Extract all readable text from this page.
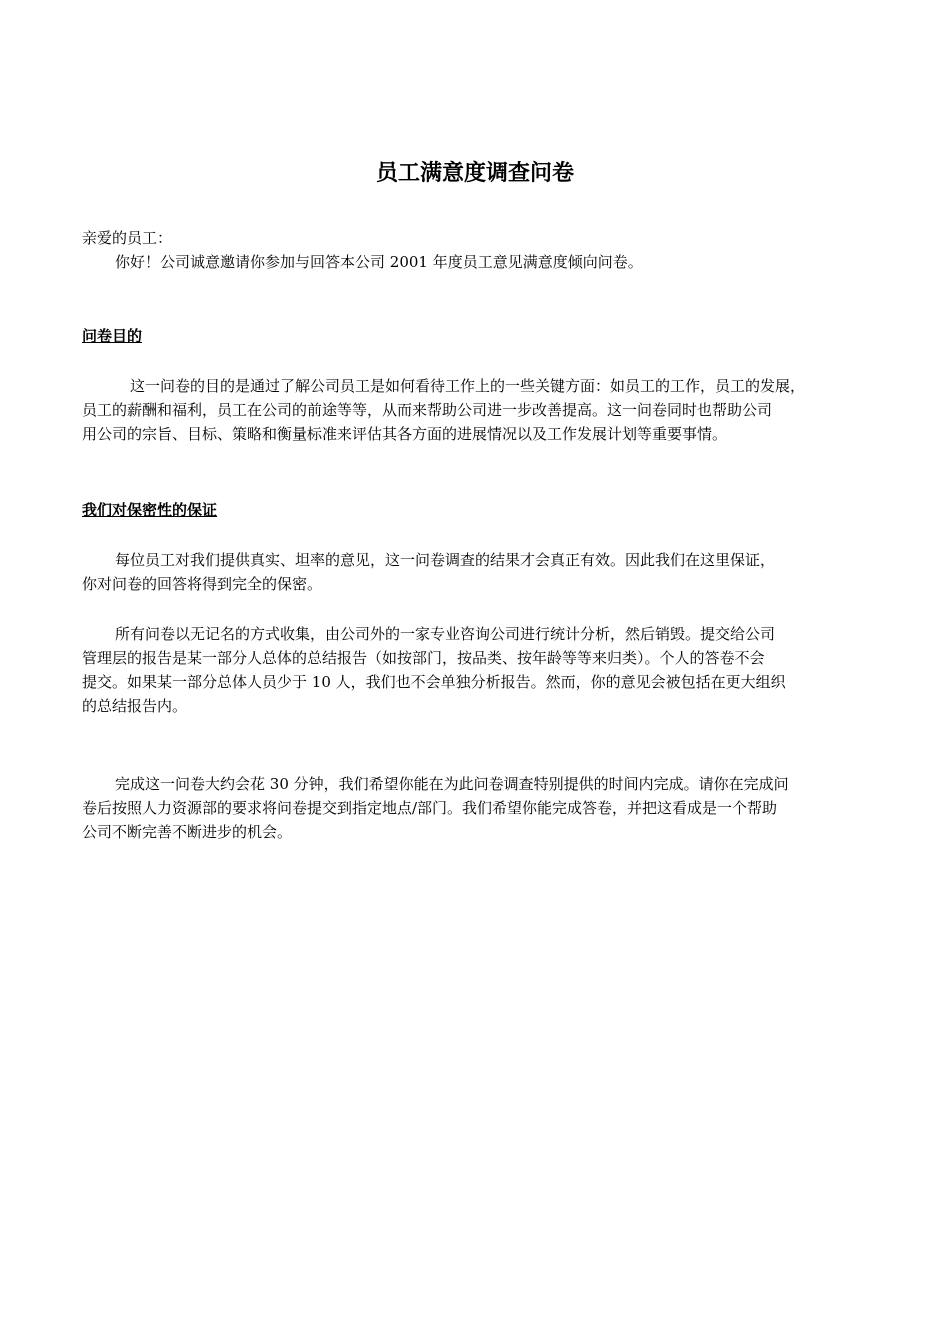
员工满意度调查问卷
亲爱的员工：
你好！公司诚意邀请你参加与回答本公司 2001 年度员工意见满意度倾向问卷。
问卷目的
这一问卷的目的是通过了解公司员工是如何看待工作上的一些关键方面：如员工的工作，员工的发展，
员工的薪酬和福利，员工在公司的前途等等，从而来帮助公司进一步改善提高。这一问卷同时也帮助公司
用公司的宗旨、目标、策略和衡量标准来评估其各方面的进展情况以及工作发展计划等重要事情。
我们对保密性的保证
每位员工对我们提供真实、坦率的意见，这一问卷调查的结果才会真正有效。因此我们在这里保证，
你对问卷的回答将得到完全的保密。
所有问卷以无记名的方式收集，由公司外的一家专业咨询公司进行统计分析，然后销毁。提交给公司
管理层的报告是某一部分人总体的总结报告（如按部门，按品类、按年龄等等来归类）。个人的答卷不会
提交。如果某一部分总体人员少于 10 人，我们也不会单独分析报告。然而，你的意见会被包括在更大组织
的总结报告内。
完成这一问卷大约会花 30 分钟，我们希望你能在为此问卷调查特别提供的时间内完成。请你在完成问
卷后按照人力资源部的要求将问卷提交到指定地点/部门。我们希望你能完成答卷，并把这看成是一个帮助
公司不断完善不断进步的机会。
